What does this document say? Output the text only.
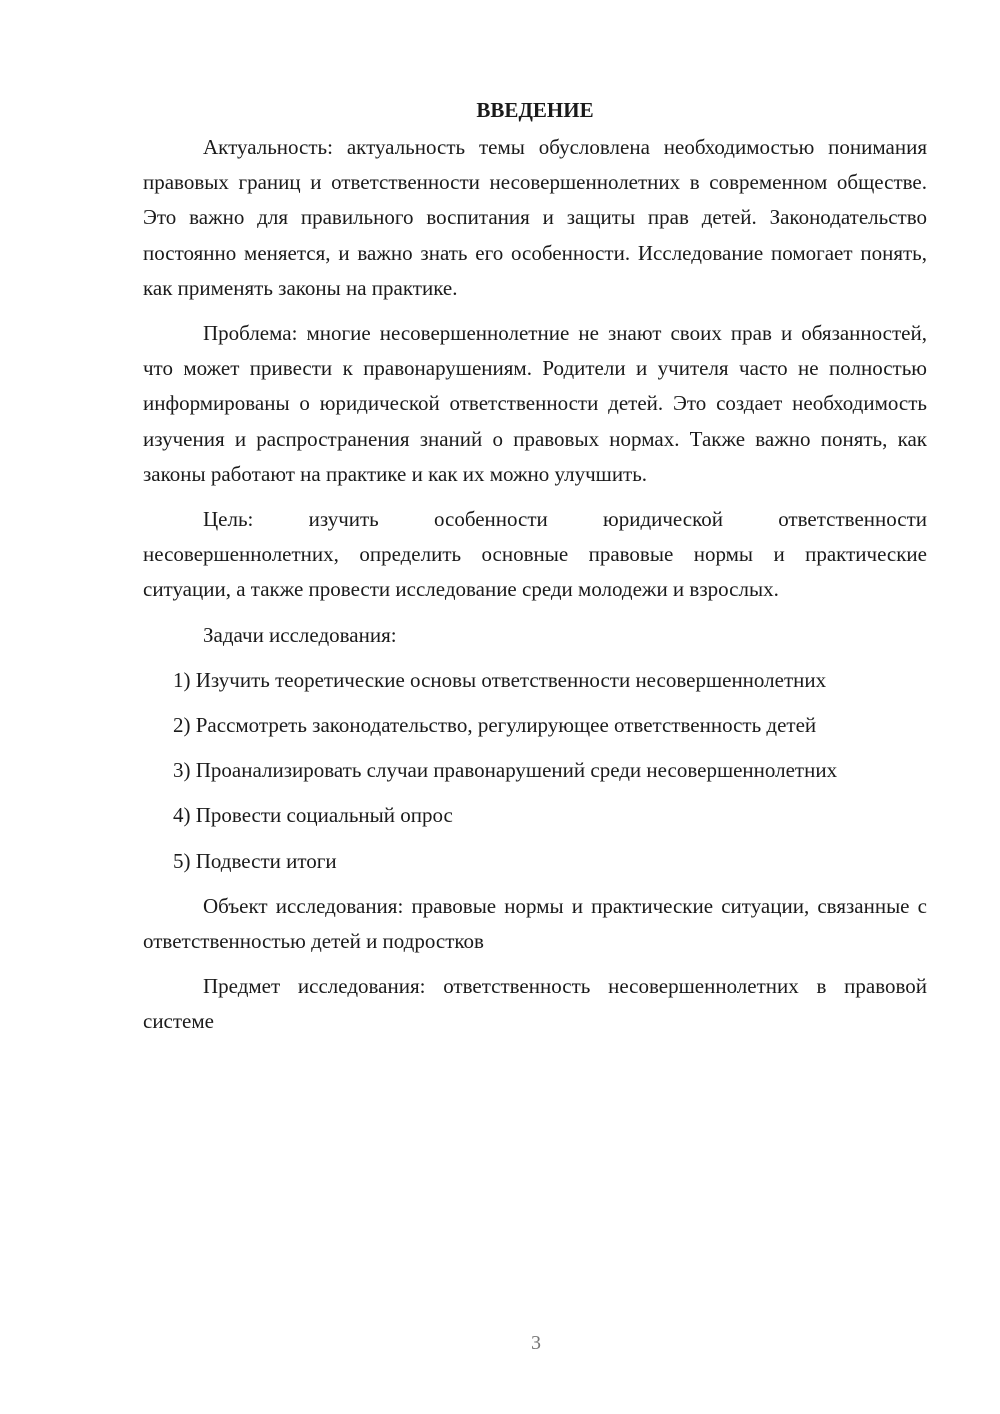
ВВЕДЕНИЕ

Актуальность: актуальность темы обусловлена необходимостью понимания правовых границ и ответственности несовершеннолетних в современном обществе. Это важно для правильного воспитания и защиты прав детей. Законодательство постоянно меняется, и важно знать его особенности. Исследование помогает понять, как применять законы на практике.

Проблема: многие несовершеннолетние не знают своих прав и обязанностей, что может привести к правонарушениям. Родители и учителя часто не полностью информированы о юридической ответственности детей. Это создает необходимость изучения и распространения знаний о правовых нормах. Также важно понять, как законы работают на практике и как их можно улучшить.

Цель: изучить особенности юридической ответственности несовершеннолетних, определить основные правовые нормы и практические ситуации, а также провести исследование среди молодежи и взрослых.

Задачи исследования:

1) Изучить теоретические основы ответственности несовершеннолетних

2) Рассмотреть законодательство, регулирующее ответственность детей

3) Проанализировать случаи правонарушений среди несовершеннолетних

4) Провести социальный опрос

5) Подвести итоги

Объект исследования: правовые нормы и практические ситуации, связанные с ответственностью детей и подростков

Предмет исследования: ответственность несовершеннолетних в правовой системе

3
